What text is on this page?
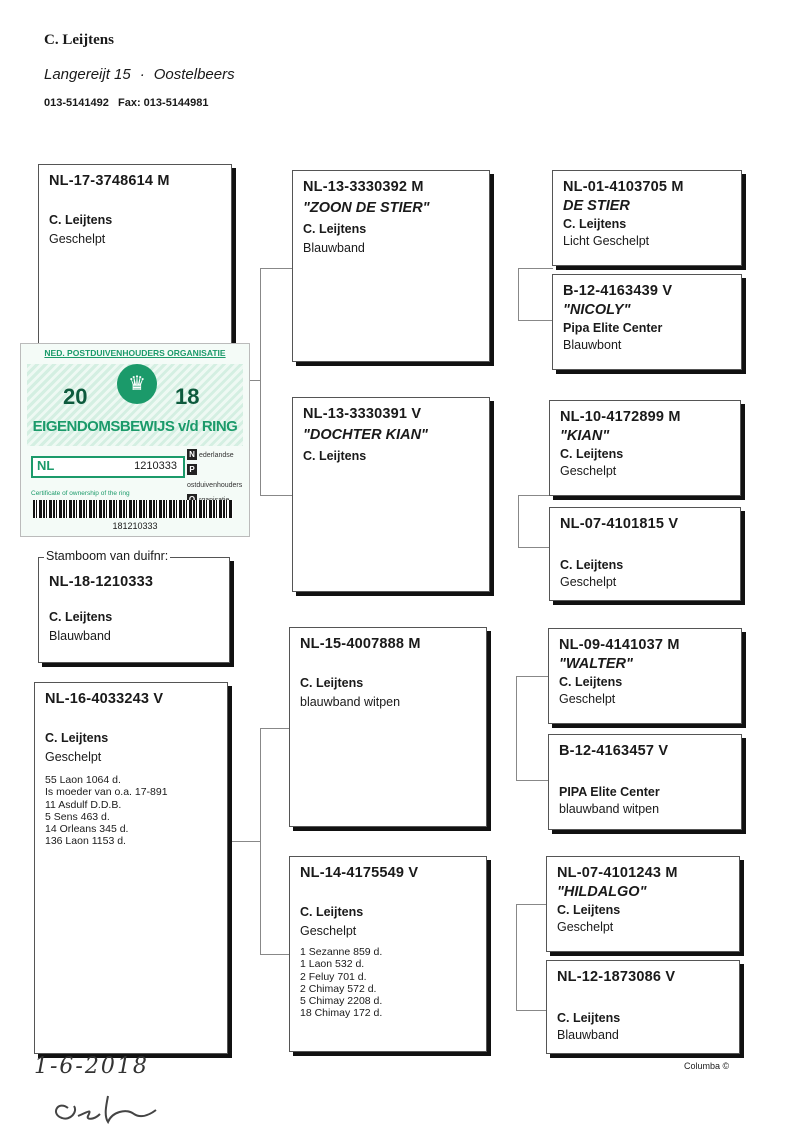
C. Leijtens
Langereijt 15 · Oostelbeers
013-5141492   Fax: 013-5144981
NL-17-3748614 M
C. Leijtens
Geschelpt
NED. POSTDUIVENHOUDERS ORGANISATIE
20	18
♛
EIGENDOMSBEWIJS v/d RING
NL	1210333
N ederlandse
Postduivenhouders
Certificate of ownership of the ring
181210333
Stamboom van duifnr:
NL-18-1210333
C. Leijtens
Blauwband
NL-16-4033243 V
C. Leijtens
Geschelpt
55 Laon 1064 d.
Is moeder van o.a. 17-891
11 Asdulf D.D.B.
5 Sens 463 d.
14 Orleans 345 d.
136 Laon 1153 d.
NL-13-3330392 M
"ZOON DE STIER"
C. Leijtens
Blauwband
NL-13-3330391 V
"DOCHTER KIAN"
C. Leijtens
NL-15-4007888 M
C. Leijtens
blauwband witpen
NL-14-4175549 V
C. Leijtens
Geschelpt
1 Sezanne 859 d.
1 Laon 532 d.
2 Feluy 701 d.
2 Chimay 572 d.
5 Chimay 2208 d.
18 Chimay 172 d.
NL-01-4103705 M
DE STIER
C. Leijtens
Licht Geschelpt
B-12-4163439 V
"NICOLY"
Pipa Elite Center
Blauwbont
NL-10-4172899 M
"KIAN"
C. Leijtens
Geschelpt
NL-07-4101815 V
C. Leijtens
Geschelpt
NL-09-4141037 M
"WALTER"
C. Leijtens
Geschelpt
B-12-4163457 V
PIPA Elite Center
blauwband witpen
NL-07-4101243 M
"HILDALGO"
C. Leijtens
Geschelpt
NL-12-1873086 V
C. Leijtens
Blauwband
1-6-2018	Columba ©
